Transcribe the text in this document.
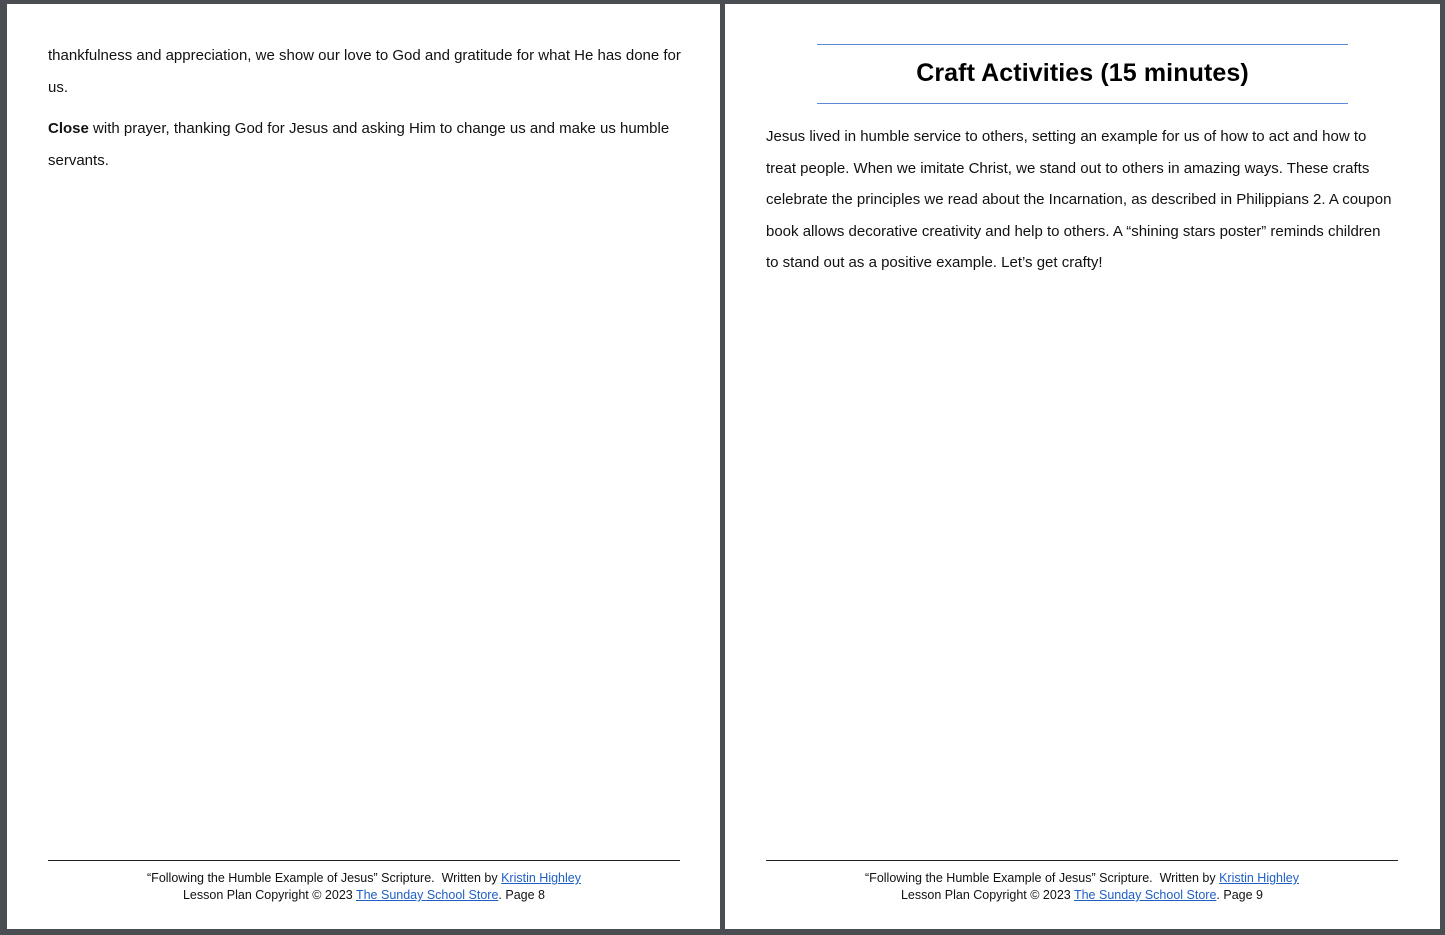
thankfulness and appreciation, we show our love to God and gratitude for what He has done for us.

Close with prayer, thanking God for Jesus and asking Him to change us and make us humble servants.

“Following the Humble Example of Jesus” Scripture.  Written by Kristin Highley
Lesson Plan Copyright © 2023 The Sunday School Store. Page 8
Craft Activities (15 minutes)

Jesus lived in humble service to others, setting an example for us of how to act and how to treat people. When we imitate Christ, we stand out to others in amazing ways. These crafts celebrate the principles we read about the Incarnation, as described in Philippians 2. A coupon book allows decorative creativity and help to others. A “shining stars poster” reminds children to stand out as a positive example. Let’s get crafty!

“Following the Humble Example of Jesus” Scripture.  Written by Kristin Highley
Lesson Plan Copyright © 2023 The Sunday School Store. Page 9
